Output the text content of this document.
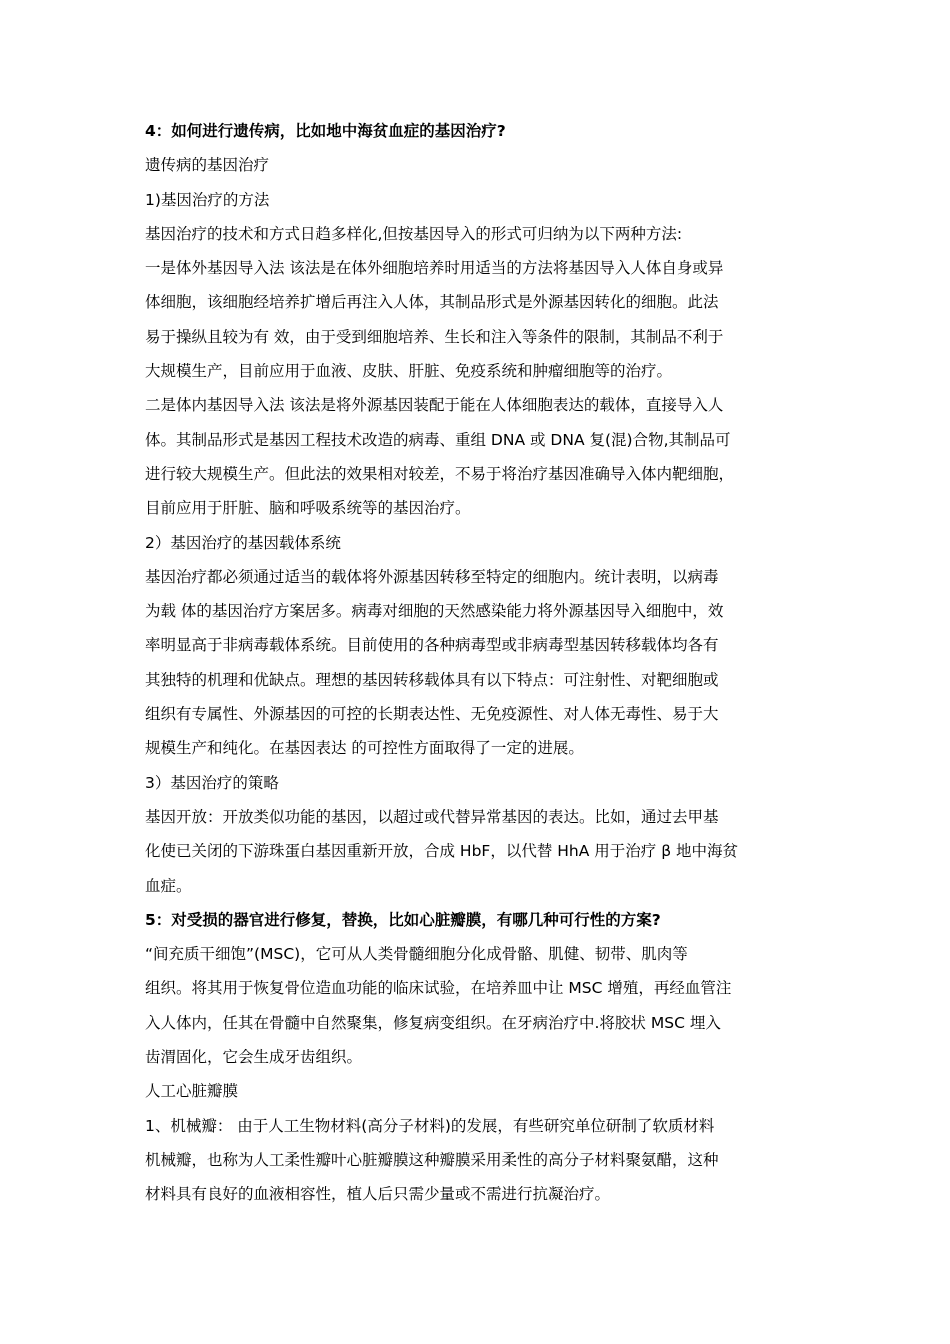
4：如何进行遗传病，比如地中海贫血症的基因治疗?
遗传病的基因治疗
1)基因治疗的方法
基因治疗的技术和方式日趋多样化,但按基因导入的形式可归纳为以下两种方法:
一是体外基因导入法 该法是在体外细胞培养时用适当的方法将基因导入人体自身或异
体细胞，该细胞经培养扩增后再注入人体，其制品形式是外源基因转化的细胞。此法
易于操纵且较为有 效，由于受到细胞培养、生长和注入等条件的限制，其制品不利于
大规模生产，目前应用于血液、皮肤、肝脏、免疫系统和肿瘤细胞等的治疗。
二是体内基因导入法 该法是将外源基因装配于能在人体细胞表达的载体，直接导入人
体。其制品形式是基因工程技术改造的病毒、重组 DNA 或 DNA 复(混)合物,其制品可
进行较大规模生产。但此法的效果相对较差，不易于将治疗基因准确导入体内靶细胞，
目前应用于肝脏、脑和呼吸系统等的基因治疗。
2）基因治疗的基因载体系统
基因治疗都必须通过适当的载体将外源基因转移至特定的细胞内。统计表明，以病毒
为载 体的基因治疗方案居多。病毒对细胞的天然感染能力将外源基因导入细胞中，效
率明显高于非病毒载体系统。目前使用的各种病毒型或非病毒型基因转移载体均各有
其独特的机理和优缺点。理想的基因转移载体具有以下特点：可注射性、对靶细胞或
组织有专属性、外源基因的可控的长期表达性、无免疫源性、对人体无毒性、易于大
规模生产和纯化。在基因表达 的可控性方面取得了一定的进展。
3）基因治疗的策略
基因开放：开放类似功能的基因，以超过或代替异常基因的表达。比如，通过去甲基
化使已关闭的下游珠蛋白基因重新开放，合成 HbF，以代替 HhA 用于治疗 β 地中海贫
血症。
5：对受损的器官进行修复，替换，比如心脏瓣膜，有哪几种可行性的方案?
“间充质干细饱”(MSC)，它可从人类骨髓细胞分化成骨骼、肌健、韧带、肌肉等
组织。将其用于恢复骨位造血功能的临床试验，在培养皿中让 MSC 增殖，再经血管注
入人体内，任其在骨髓中自然聚集，修复病变组织。在牙病治疗中.将胶状 MSC 埋入
齿渭固化，它会生成牙齿组织。
人工心脏瓣膜
1、机械瓣： 由于人工生物材料(高分子材料)的发展，有些研究单位研制了软质材料
机械瓣，也称为人工柔性瓣叶心脏瓣膜这种瓣膜采用柔性的高分子材料聚氨醋，这种
材料具有良好的血液相容性，植人后只需少量或不需进行抗凝治疗。
